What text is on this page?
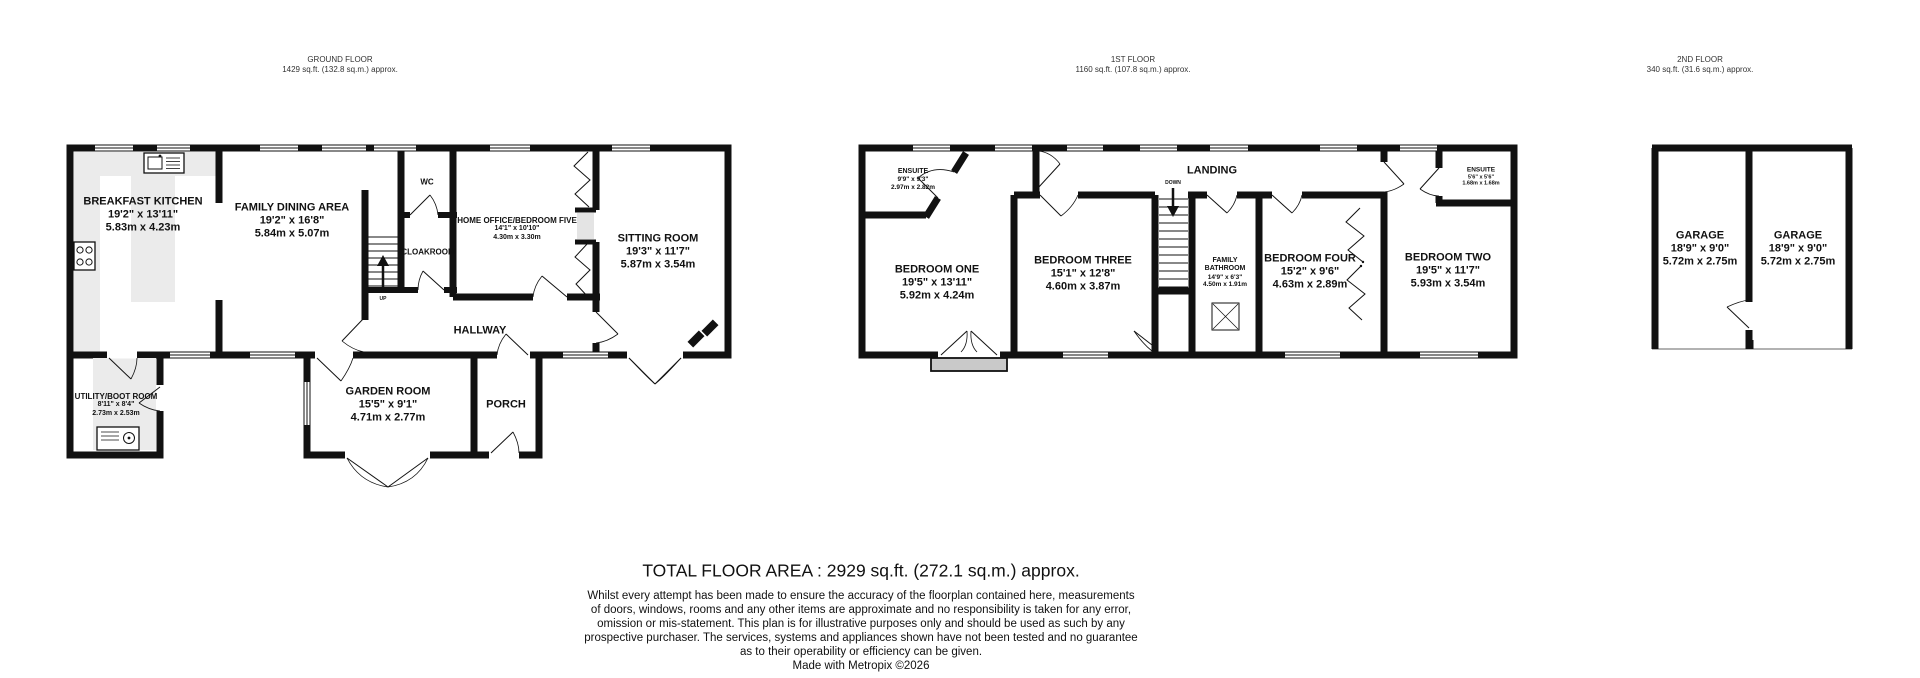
GROUND FLOOR
1429 sq.ft. (132.8 sq.m.) approx.
1ST FLOOR
1160 sq.ft. (107.8 sq.m.) approx.
2ND FLOOR
340 sq.ft. (31.6 sq.m.) approx.
BREAKFAST KITCHEN
19'2" x 13'11"
5.83m x 4.23m
FAMILY DINING AREA
19'2" x 16'8"
5.84m x 5.07m
HOME OFFICE/BEDROOM FIVE
14'1" x 10'10"
4.30m x 3.30m	SITTING ROOM
19'3" x 11'7"
5.87m x 3.54m
UTILITY/BOOT ROOM
8'11" x 8'4"
2.73m x 2.53m
GARDEN ROOM
15'5" x 9'1"
4.71m x 2.77m
PORCH
HALLWAY
WC
CLOAKROOM
UP
ENSUITE
9'9" x 9'3"
2.97m x 2.82m
BEDROOM ONE
19'5" x 13'11"
5.92m x 4.24m
BEDROOM THREE
15'1" x 12'8"
4.60m x 3.87m
LANDING
DOWN
FAMILY BATHROOM
14'9" x 6'3"
4.50m x 1.91m
BEDROOM FOUR
15'2" x 9'6"
4.63m x 2.89m
BEDROOM TWO
19'5" x 11'7"
5.93m x 3.54m
ENSUITE
5'6" x 5'6"
1.68m x 1.68m
GARAGE
18'9" x 9'0"
5.72m x 2.75m
GARAGE
18'9" x 9'0"
5.72m x 2.75m
TOTAL FLOOR AREA : 2929 sq.ft. (272.1 sq.m.) approx.
Whilst every attempt has been made to ensure the accuracy of the floorplan contained here, measurements
of doors, windows, rooms and any other items are approximate and no responsibility is taken for any error,
omission or mis-statement. This plan is for illustrative purposes only and should be used as such by any
prospective purchaser. The services, systems and appliances shown have not been tested and no guarantee
as to their operability or efficiency can be given.
Made with Metropix ©2026
